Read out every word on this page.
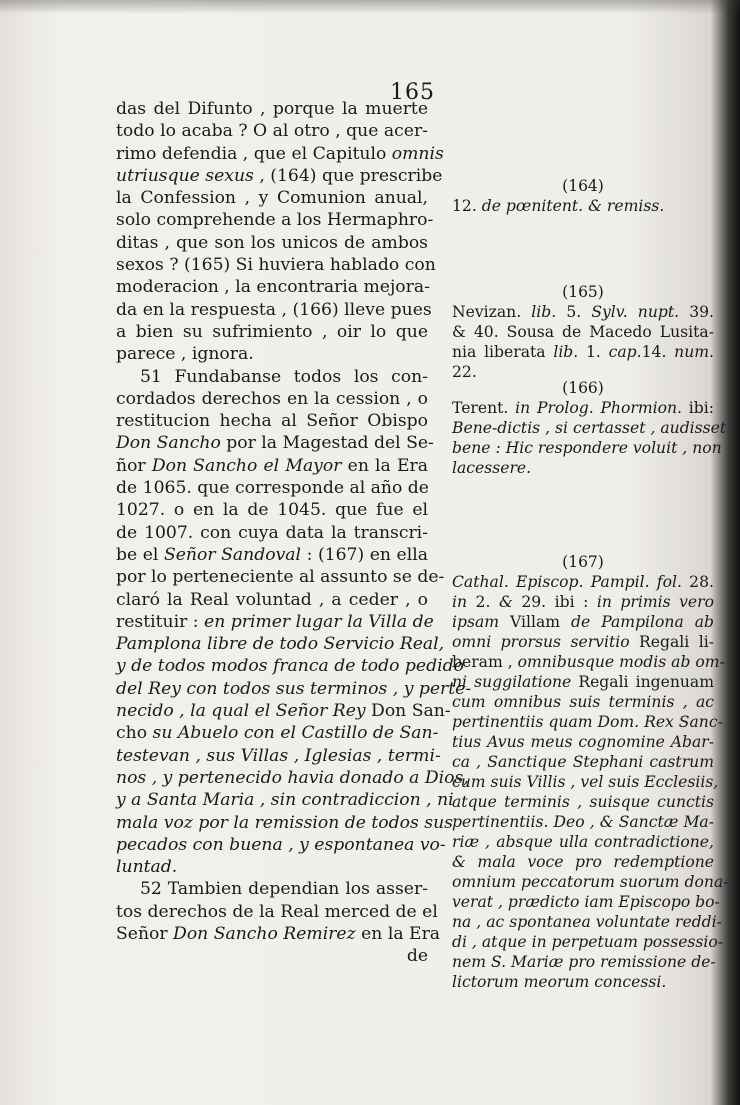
165
das del Difunto , porque la muerte
todo lo acaba ? O al otro , que acer-
rimo defendia , que el Capitulo omnis
utriusque sexus , (164) que prescribe
la Confession , y Comunion anual,
solo comprehende a los Hermaphro-
ditas , que son los unicos de ambos
sexos ? (165) Si huviera hablado con
moderacion , la encontraria mejora-
da en la respuesta , (166) lleve pues
a bien su sufrimiento , oir lo que
parece , ignora.
51 Fundabanse todos los con-
cordados derechos en la cession , o
restitucion hecha al Señor Obispo
Don Sancho por la Magestad del Se-
ñor Don Sancho el Mayor en la Era
de 1065. que corresponde al año de
1027. o en la de 1045. que fue el
de 1007. con cuya data la transcri-
be el Señor Sandoval : (167) en ella
por lo perteneciente al assunto se de-
claró la Real voluntad , a ceder , o
restituir : en primer lugar la Villa de
Pamplona libre de todo Servicio Real,
y de todos modos franca de todo pedido
del Rey con todos sus terminos , y perte-
necido , la qual el Señor Rey Don San-
cho su Abuelo con el Castillo de San-
testevan , sus Villas , Iglesias , termi-
nos , y pertenecido havia donado a Dios,
y a Santa Maria , sin contradiccion , ni
mala voz por la remission de todos sus
pecados con buena , y espontanea vo-
luntad.
52 Tambien dependian los asser-
tos derechos de la Real merced de el
Señor Don Sancho Remirez en la Era
de
(164)
12. de pœnitent. & remiss.
(165)
Nevizan. lib. 5. Sylv. nupt. 39.
& 40. Sousa de Macedo Lusita-
nia liberata lib. 1. cap.14. num.
22.
(166)
Terent. in Prolog. Phormion. ibi:
Bene-dictis , si certasset , audisset
bene : Hic respondere voluit , non
lacessere.
(167)
Cathal. Episcop. Pampil. fol. 28.
in 2. & 29. ibi : in primis vero
ipsam Villam de Pampilona ab
omni prorsus servitio Regali li-
beram , omnibusque modis ab om-
ni suggilatione Regali ingenuam
cum omnibus suis terminis , ac
pertinentiis quam Dom. Rex Sanc-
tius Avus meus cognomine Abar-
ca , Sanctique Stephani castrum
cum suis Villis , vel suis Ecclesiis,
atque terminis , suisque cunctis
pertinentiis. Deo , & Sanctæ Ma-
riæ , absque ulla contradictione,
& mala voce pro redemptione
omnium peccatorum suorum dona-
verat , prædicto iam Episcopo bo-
na , ac spontanea voluntate reddi-
di , atque in perpetuam possessio-
nem S. Mariæ pro remissione de-
lictorum meorum concessi.
